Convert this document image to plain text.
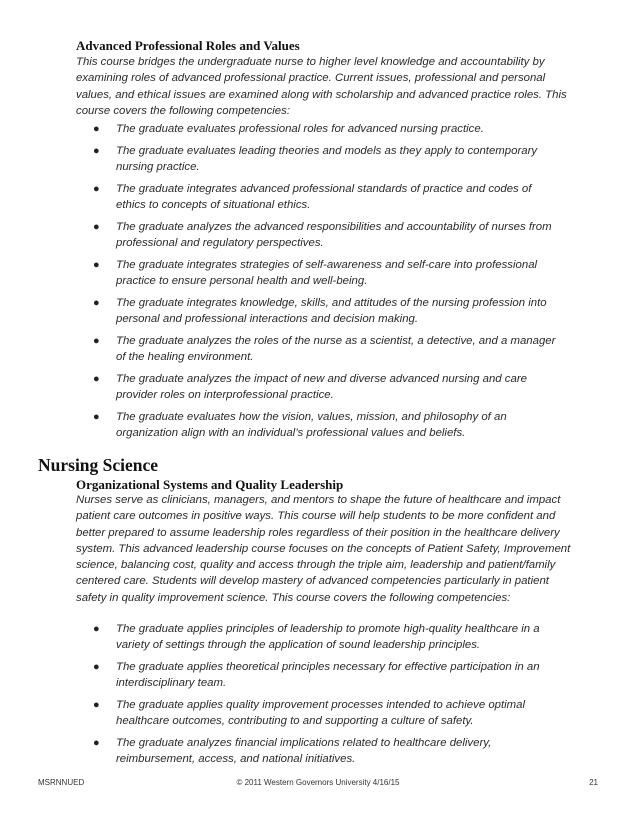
Advanced Professional Roles and Values

This course bridges the undergraduate nurse to higher level knowledge and accountability by examining roles of advanced professional practice. Current issues, professional and personal values, and ethical issues are examined along with scholarship and advanced practice roles. This course covers the following competencies:

● The graduate evaluates professional roles for advanced nursing practice.
● The graduate evaluates leading theories and models as they apply to contemporary nursing practice.
● The graduate integrates advanced professional standards of practice and codes of ethics to concepts of situational ethics.
● The graduate analyzes the advanced responsibilities and accountability of nurses from professional and regulatory perspectives.
● The graduate integrates strategies of self-awareness and self-care into professional practice to ensure personal health and well-being.
● The graduate integrates knowledge, skills, and attitudes of the nursing profession into personal and professional interactions and decision making.
● The graduate analyzes the roles of the nurse as a scientist, a detective, and a manager of the healing environment.
● The graduate analyzes the impact of new and diverse advanced nursing and care provider roles on interprofessional practice.
● The graduate evaluates how the vision, values, mission, and philosophy of an organization align with an individual’s professional values and beliefs.
Nursing Science
Organizational Systems and Quality Leadership

Nurses serve as clinicians, managers, and mentors to shape the future of healthcare and impact patient care outcomes in positive ways. This course will help students to be more confident and better prepared to assume leadership roles regardless of their position in the healthcare delivery system. This advanced leadership course focuses on the concepts of Patient Safety, Improvement science, balancing cost, quality and access through the triple aim, leadership and patient/family centered care. Students will develop mastery of advanced competencies particularly in patient safety in quality improvement science. This course covers the following competencies:

● The graduate applies principles of leadership to promote high-quality healthcare in a variety of settings through the application of sound leadership principles.
● The graduate applies theoretical principles necessary for effective participation in an interdisciplinary team.
● The graduate applies quality improvement processes intended to achieve optimal healthcare outcomes, contributing to and supporting a culture of safety.
● The graduate analyzes financial implications related to healthcare delivery, reimbursement, access, and national initiatives.
MSRNNUED	© 2011 Western Governors University 4/16/15	21
